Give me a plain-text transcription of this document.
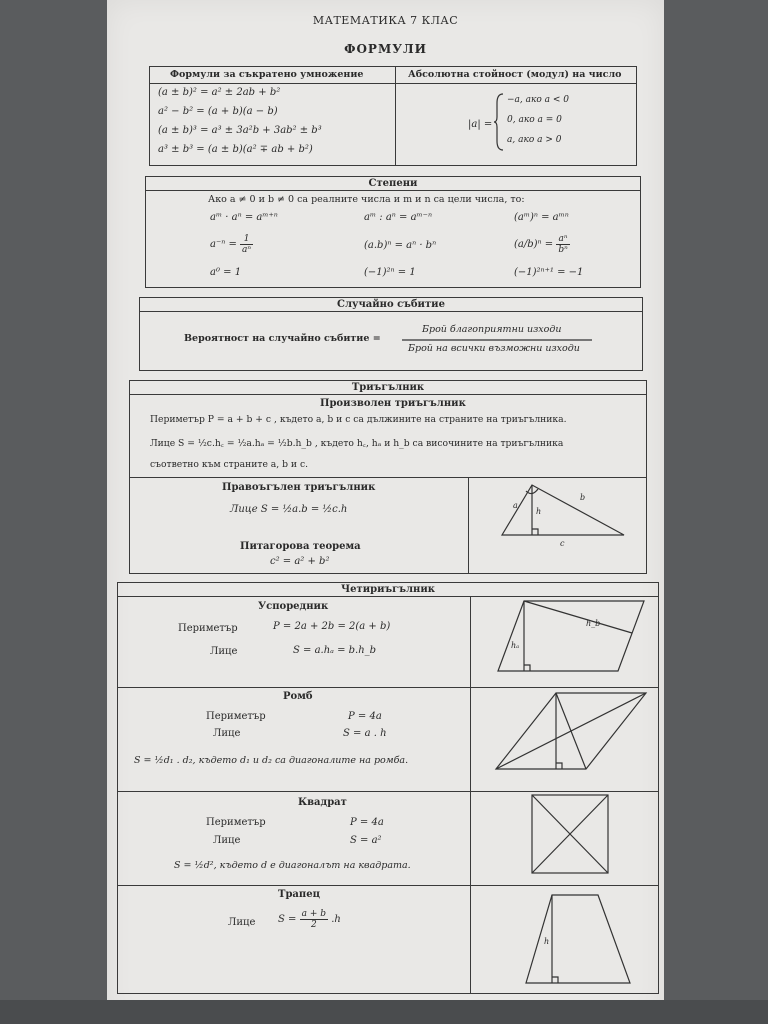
МАТЕМАТИКА 7 КЛАС
ФОРМУЛИ
Формули за съкратено умножение	Абсолютна стойност (модул) на число
(a ± b)² = a² ± 2ab + b²
a² − b² = (a + b)(a − b)
(a ± b)³ = a³ ± 3a²b + 3ab² ± b³
a³ ± b³ = (a ± b)(a² ∓ ab + b²)
|a| =
−a, ако a < 0
0, ако a = 0
a, ако a > 0
Степени
Ако a ≠ 0 и b ≠ 0 са реалните числа и m и n са цели числа, то:
aᵐ · aⁿ = aᵐ⁺ⁿ	aᵐ : aⁿ = aᵐ⁻ⁿ	(aᵐ)ⁿ = aᵐⁿ
$a^{-n} = \frac{1}{\text{aⁿ}}$	(a.b)ⁿ = aⁿ · bⁿ	$(a/b)^n = \frac{\text{aⁿ}}{\text{bⁿ}}$
a⁰ = 1	(−1)²ⁿ = 1	(−1)²ⁿ⁺¹ = −1
Случайно събитие
Вероятност на случайно събитие =
Брой благоприятни изходи
Брой на всички възможни изходи
Триъгълник
Произволен триъгълник
Периметър P = a + b + c , където a, b и c са дължините на страните на триъгълника.
Лице S = ½c.h꜀ = ½a.hₐ = ½b.h_b , където h꜀, hₐ и h_b са височините на триъгълника
съответно към страните a, b и c.
Правоъгълен триъгълник
Лице S = ½a.b = ½c.h
Питагорова теорема
c² = a² + b²
a
b
c
h
Четириъгълник
Успоредник
Периметър	P = 2a + 2b = 2(a + b)
Лице	S = a.hₐ = b.h_b	hₐ
h_b
Ромб
Периметър	P = 4a
Лице	S = a . h
S = ½d₁ . d₂, където d₁ и d₂ са диагоналите на ромба.
Квадрат
Периметър	P = 4a
Лице	S = a²
S = ½d², където d е диагоналът на квадрата.
Трапец
Лице $S = \frac{a + b}{2} .h$
h
